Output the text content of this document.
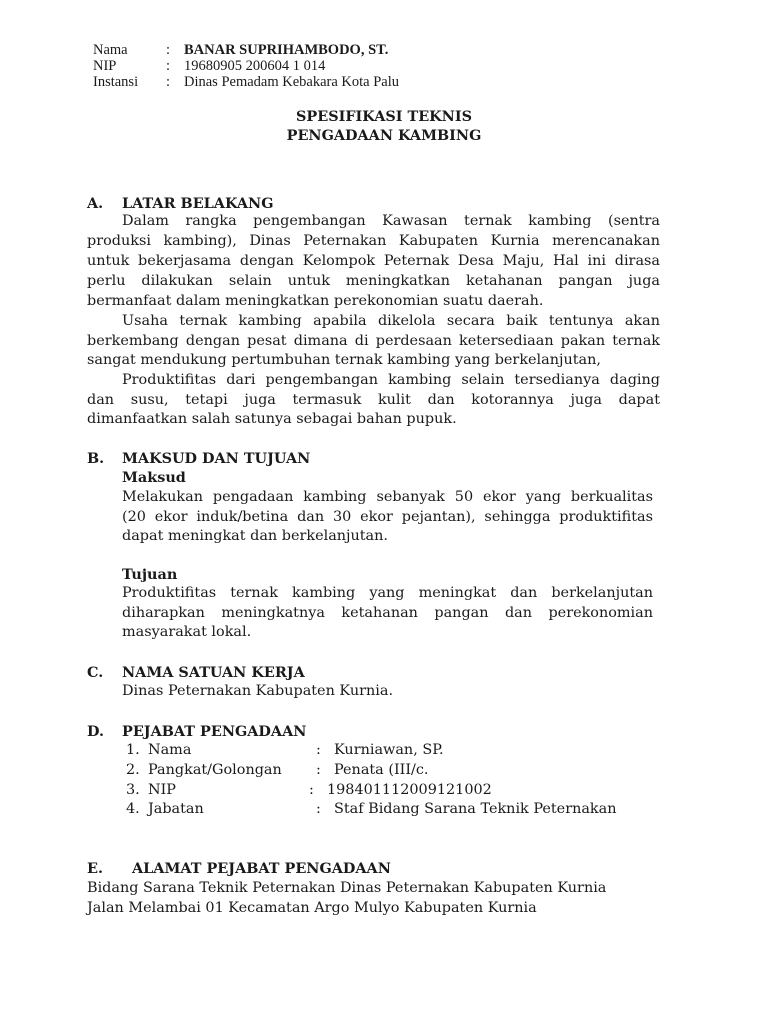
Nama	: BANAR SUPRIHAMBODO, ST.
NIP	: 19680905 200604 1 014
Instansi : Dinas Pemadam Kebakara Kota Palu
SPESIFIKASI TEKNIS
PENGADAAN KAMBING
A. LATAR BELAKANG
Dalam rangka pengembangan Kawasan ternak kambing (sentra
produksi kambing), Dinas Peternakan Kabupaten Kurnia merencanakan
untuk bekerjasama dengan Kelompok Peternak Desa Maju, Hal ini dirasa
perlu dilakukan selain untuk meningkatkan ketahanan pangan juga
bermanfaat dalam meningkatkan perekonomian suatu daerah.
Usaha ternak kambing apabila dikelola secara baik tentunya akan
berkembang dengan pesat dimana di perdesaan ketersediaan pakan ternak
sangat mendukung pertumbuhan ternak kambing yang berkelanjutan,
Produktifitas dari pengembangan kambing selain tersedianya daging
dan susu, tetapi juga termasuk kulit dan kotorannya juga dapat
dimanfaatkan salah satunya sebagai bahan pupuk.
B. MAKSUD DAN TUJUAN
Maksud
Melakukan pengadaan kambing sebanyak 50 ekor yang berkualitas
(20 ekor induk/betina dan 30 ekor pejantan), sehingga produktifitas
dapat meningkat dan berkelanjutan.
Tujuan
Produktifitas ternak kambing yang meningkat dan berkelanjutan
diharapkan meningkatnya ketahanan pangan dan perekonomian
masyarakat lokal.
C. NAMA SATUAN KERJA
Dinas Peternakan Kabupaten Kurnia.
D. PEJABAT PENGADAAN
1. Nama	: Kurniawan, SP.
2. Pangkat/Golongan : Penata (III/c.
3. NIP	: 198401112009121002
4. Jabatan	: Staf Bidang Sarana Teknik Peternakan
E. ALAMAT PEJABAT PENGADAAN
Bidang Sarana Teknik Peternakan Dinas Peternakan Kabupaten Kurnia
Jalan Melambai 01 Kecamatan Argo Mulyo Kabupaten Kurnia
